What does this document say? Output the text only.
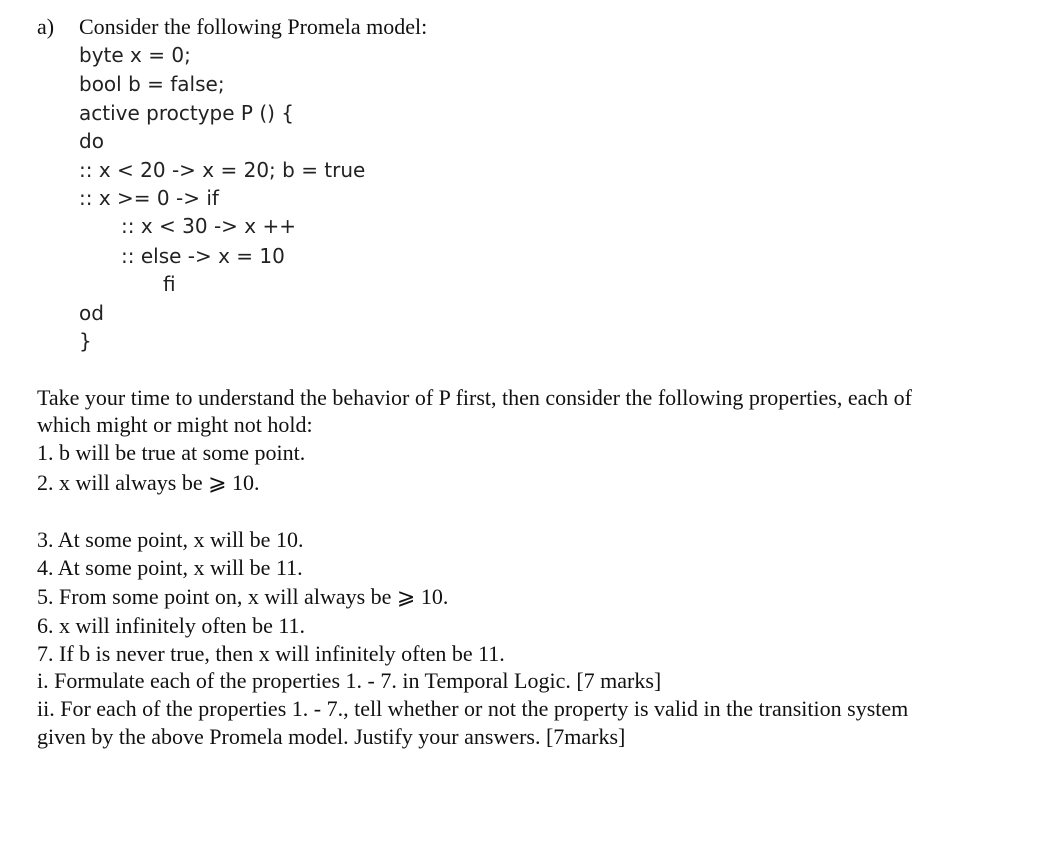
a) Consider the following Promela model:
byte x = 0;
bool b = false;
active proctype P () {
do
:: x < 20 -> x = 20; b = true
:: x >= 0 -> if
:: x < 30 -> x ++
:: else -> x = 10
fi
od
}
Take your time to understand the behavior of P first, then consider the following properties, each of
which might or might not hold:
1. b will be true at some point.
2. x will always be ⩾ 10.
3. At some point, x will be 10.
4. At some point, x will be 11.
5. From some point on, x will always be ⩾ 10.
6. x will infinitely often be 11.
7. If b is never true, then x will infinitely often be 11.
i. Formulate each of the properties 1. - 7. in Temporal Logic. [7 marks]
ii. For each of the properties 1. - 7., tell whether or not the property is valid in the transition system
given by the above Promela model. Justify your answers. [7marks]
